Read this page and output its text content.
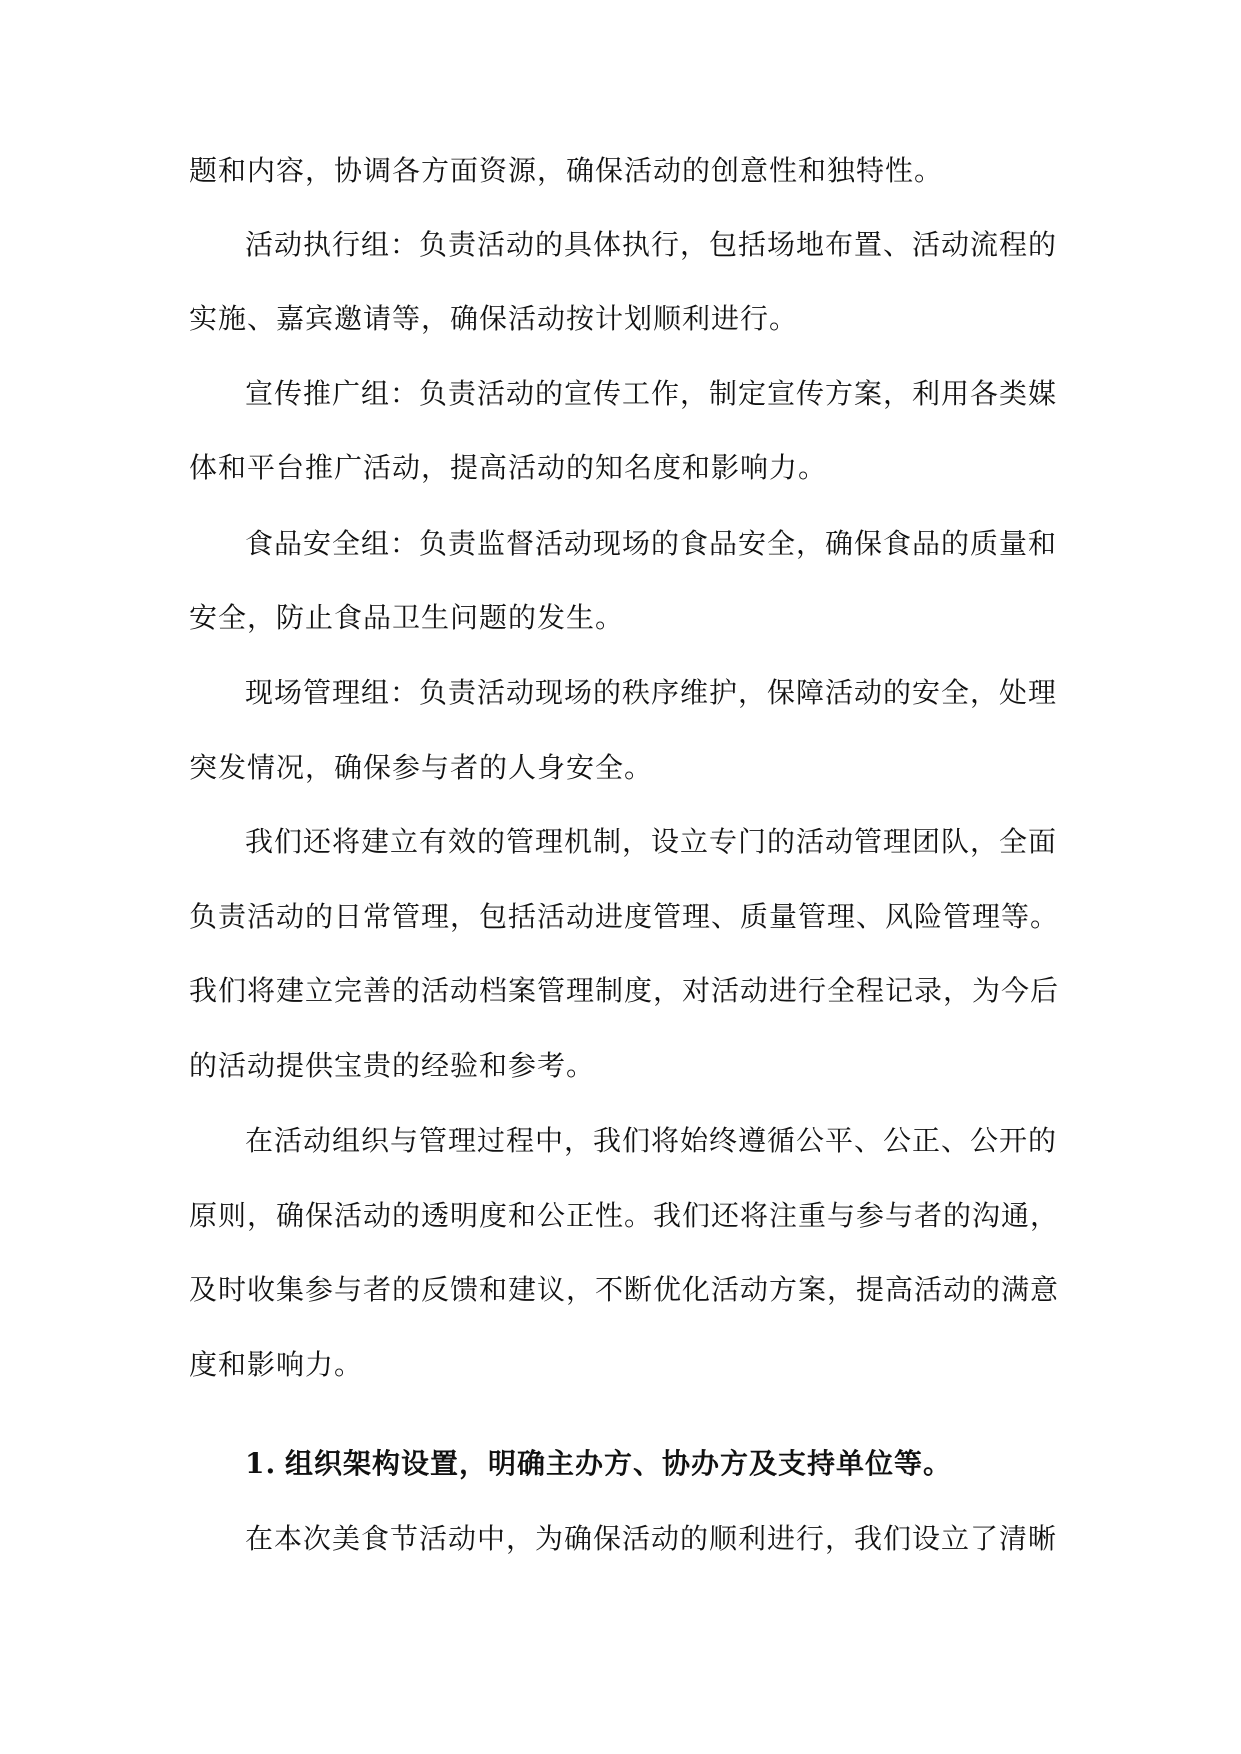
题和内容，协调各方面资源，确保活动的创意性和独特性。
活动执行组：负责活动的具体执行，包括场地布置、活动流程的
实施、嘉宾邀请等，确保活动按计划顺利进行。
宣传推广组：负责活动的宣传工作，制定宣传方案，利用各类媒
体和平台推广活动，提高活动的知名度和影响力。
食品安全组：负责监督活动现场的食品安全，确保食品的质量和
安全，防止食品卫生问题的发生。
现场管理组：负责活动现场的秩序维护，保障活动的安全，处理
突发情况，确保参与者的人身安全。
我们还将建立有效的管理机制，设立专门的活动管理团队，全面
负责活动的日常管理，包括活动进度管理、质量管理、风险管理等。
我们将建立完善的活动档案管理制度，对活动进行全程记录，为今后
的活动提供宝贵的经验和参考。
在活动组织与管理过程中，我们将始终遵循公平、公正、公开的
原则，确保活动的透明度和公正性。我们还将注重与参与者的沟通，
及时收集参与者的反馈和建议，不断优化活动方案，提高活动的满意
度和影响力。
1. 组织架构设置，明确主办方、协办方及支持单位等。
在本次美食节活动中，为确保活动的顺利进行，我们设立了清晰
